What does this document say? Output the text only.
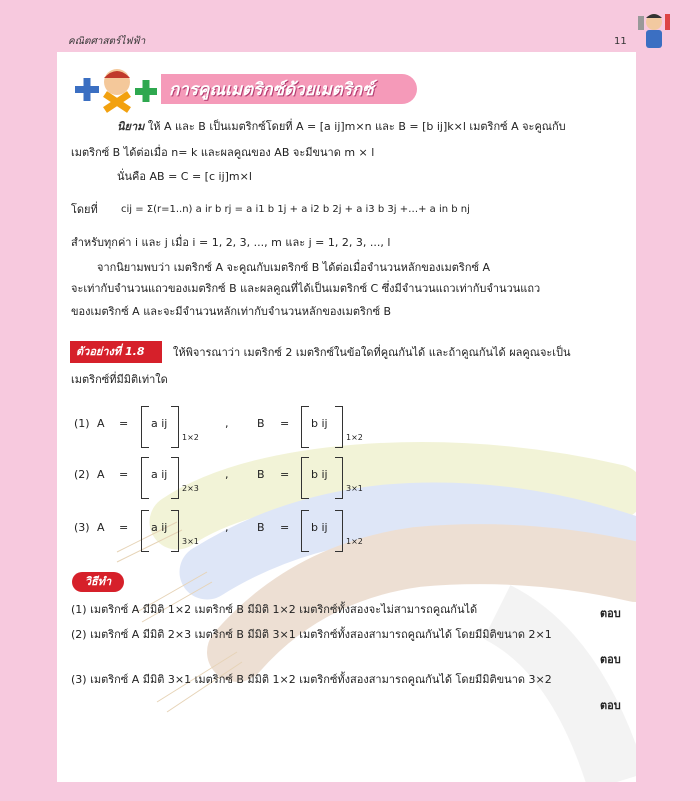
คณิตศาสตร์ไฟฟ้า	11
การคูณเมตริกซ์ด้วยเมตริกซ์
นิยาม ให้ A และ B เป็นเมตริกซ์โดยที่ A = [a ij]m×n และ B = [b ij]k×l เมตริกซ์ A จะคูณกับ
เมตริกซ์ B ได้ต่อเมื่อ n= k และผลคูณของ AB จะมีขนาด m × l
นั่นคือ AB = C = [c ij]m×l
โดยที่ cij = Σ(r=1..n) a ir b rj = a i1 b 1j + a i2 b 2j + a i3 b 3j +…+ a in b nj
สำหรับทุกค่า i และ j เมื่อ i = 1, 2, 3, ..., m และ j = 1, 2, 3, ..., l
จากนิยามพบว่า เมตริกซ์ A จะคูณกับเมตริกซ์ B ได้ต่อเมื่อจำนวนหลักของเมตริกซ์ A
จะเท่ากับจำนวนแถวของเมตริกซ์ B และผลคูณที่ได้เป็นเมตริกซ์ C ซึ่งมีจำนวนแถวเท่ากับจำนวนแถว
ของเมตริกซ์ A และจะมีจำนวนหลักเท่ากับจำนวนหลักของเมตริกซ์ B
ตัวอย่างที่ 1.8	ให้พิจารณาว่า เมตริกซ์ 2 เมตริกซ์ในข้อใดที่คูณกันได้ และถ้าคูณกันได้ ผลคูณจะเป็น
เมตริกซ์ที่มีมิติเท่าใด
(1) A = a ij
1×2
,	B = b ij
1×2
(2) A = a ij
2×3
,	B = b ij
3×1
(3) A = a ij
3×1
,	B = b ij
1×2
วิธีทำ
(1) เมตริกซ์ A มีมิติ 1×2 เมตริกซ์ B มีมิติ 1×2 เมตริกซ์ทั้งสองจะไม่สามารถคูณกันได้	ตอบ
(2) เมตริกซ์ A มีมิติ 2×3 เมตริกซ์ B มีมิติ 3×1 เมตริกซ์ทั้งสองสามารถคูณกันได้ โดยมีมิติขนาด 2×1
ตอบ
(3) เมตริกซ์ A มีมิติ 3×1 เมตริกซ์ B มีมิติ 1×2 เมตริกซ์ทั้งสองสามารถคูณกันได้ โดยมีมิติขนาด 3×2
ตอบ
